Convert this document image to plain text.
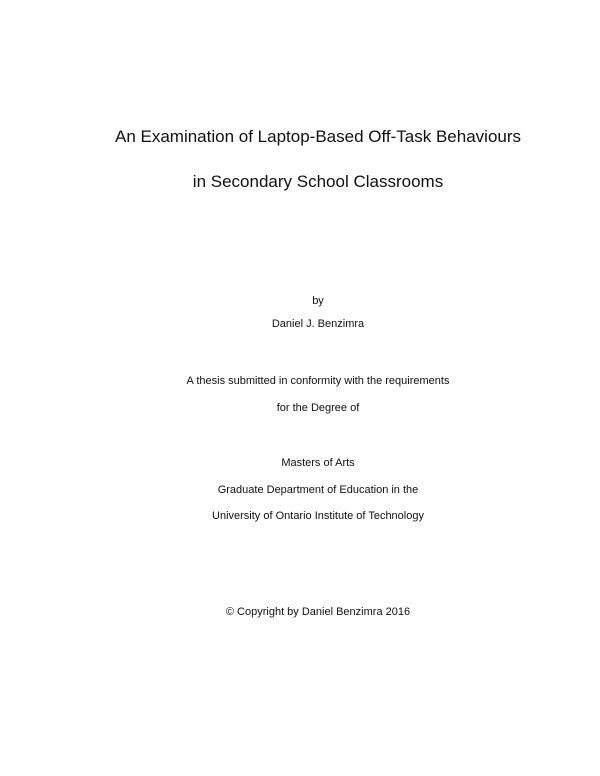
An Examination of Laptop-Based Off-Task Behaviours
in Secondary School Classrooms
by
Daniel J. Benzimra
A thesis submitted in conformity with the requirements
for the Degree of
Masters of Arts
Graduate Department of Education in the
University of Ontario Institute of Technology
© Copyright by Daniel Benzimra 2016
